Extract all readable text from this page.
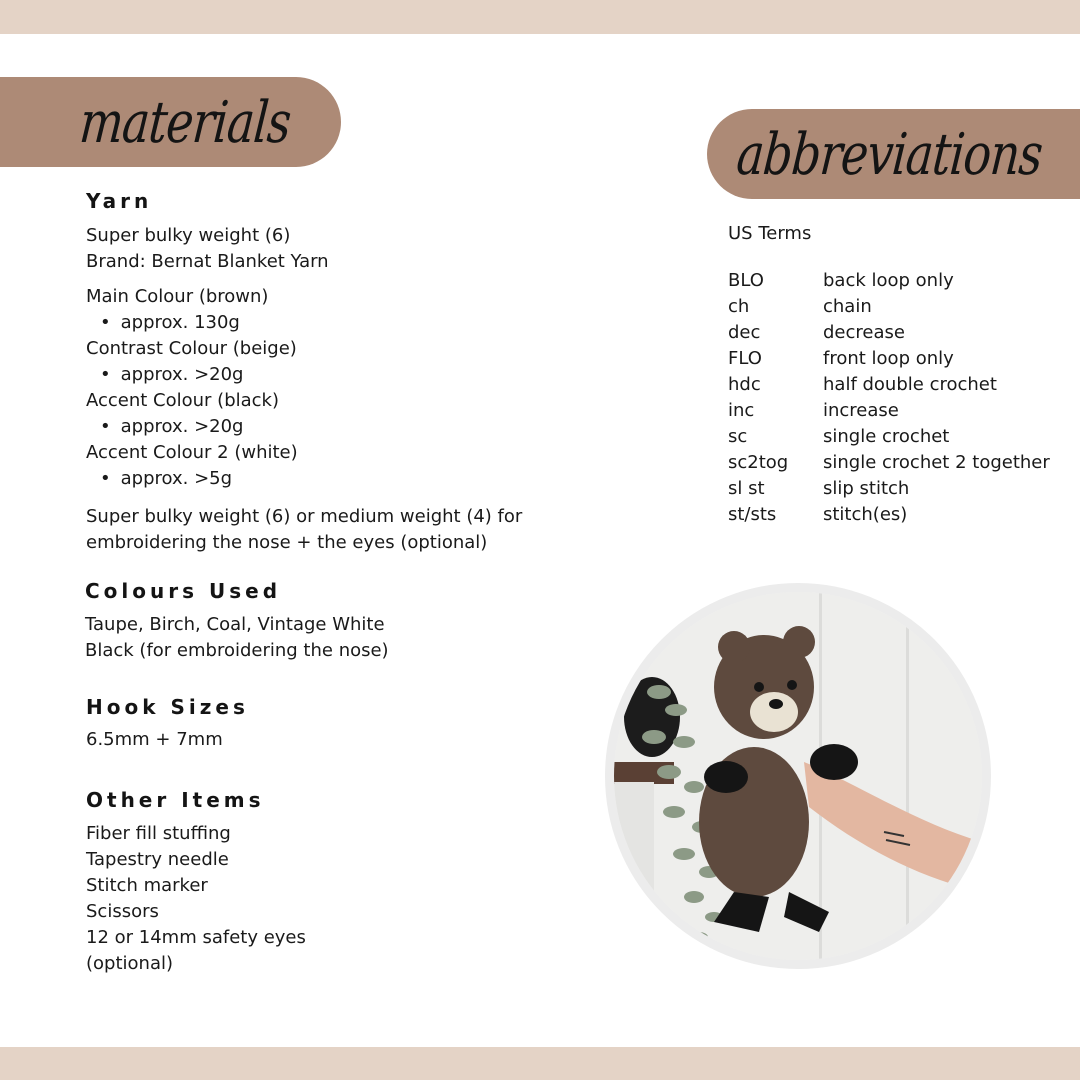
materials
Yarn
Super bulky weight (6)
Brand: Bernat Blanket Yarn
Main Colour (brown)
• approx. 130g
Contrast Colour (beige)
• approx. >20g
Accent Colour (black)
• approx. >20g
Accent Colour 2 (white)
• approx. >5g
Super bulky weight (6) or medium weight (4) for
embroidering the nose + the eyes (optional)
Colours Used
Taupe, Birch, Coal, Vintage White
Black (for embroidering the nose)
Hook Sizes
6.5mm + 7mm
Other Items
Fiber fill stuffing
Tapestry needle
Stitch marker
Scissors
12 or 14mm safety eyes
(optional)
abbreviations
US Terms
BLO	back loop only
ch	chain
dec	decrease
FLO	front loop only
hdc	half double crochet
inc	increase
sc	single crochet
sc2tog	single crochet 2 together
sl st	slip stitch
st/sts	stitch(es)
